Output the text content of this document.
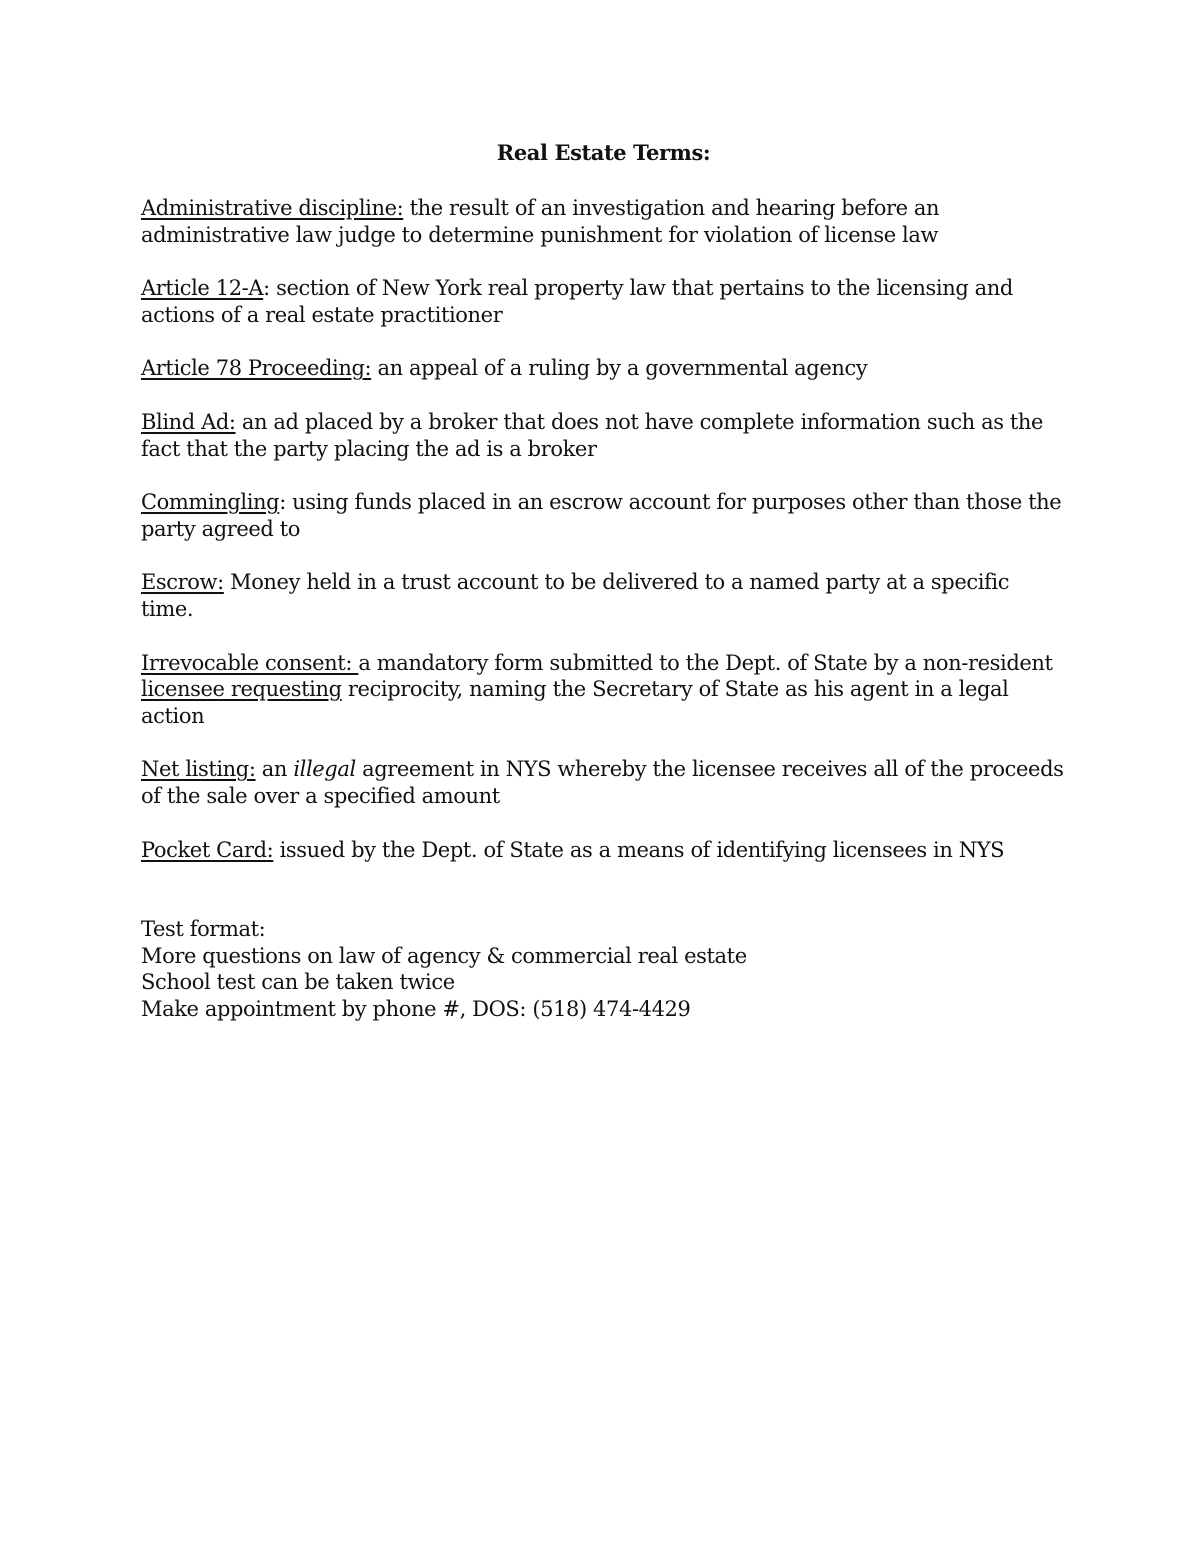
Real Estate Terms:
Administrative discipline: the result of an investigation and hearing before an administrative law judge to determine punishment for violation of license law
Article 12-A: section of New York real property law that pertains to the licensing and actions of a real estate practitioner
Article 78 Proceeding: an appeal of a ruling by a governmental agency
Blind Ad: an ad placed by a broker that does not have complete information such as the fact that the party placing the ad is a broker
Commingling: using funds placed in an escrow account for purposes other than those the party agreed to
Escrow: Money held in a trust account to be delivered to a named party at a specific time.
Irrevocable consent: a mandatory form submitted to the Dept. of State by a non-resident licensee requesting reciprocity, naming the Secretary of State as his agent in a legal action
Net listing: an illegal agreement in NYS whereby the licensee receives all of the proceeds of the sale over a specified amount
Pocket Card: issued by the Dept. of State as a means of identifying licensees in NYS
Test format:
More questions on law of agency & commercial real estate
School test can be taken twice
Make appointment by phone #, DOS: (518) 474-4429
